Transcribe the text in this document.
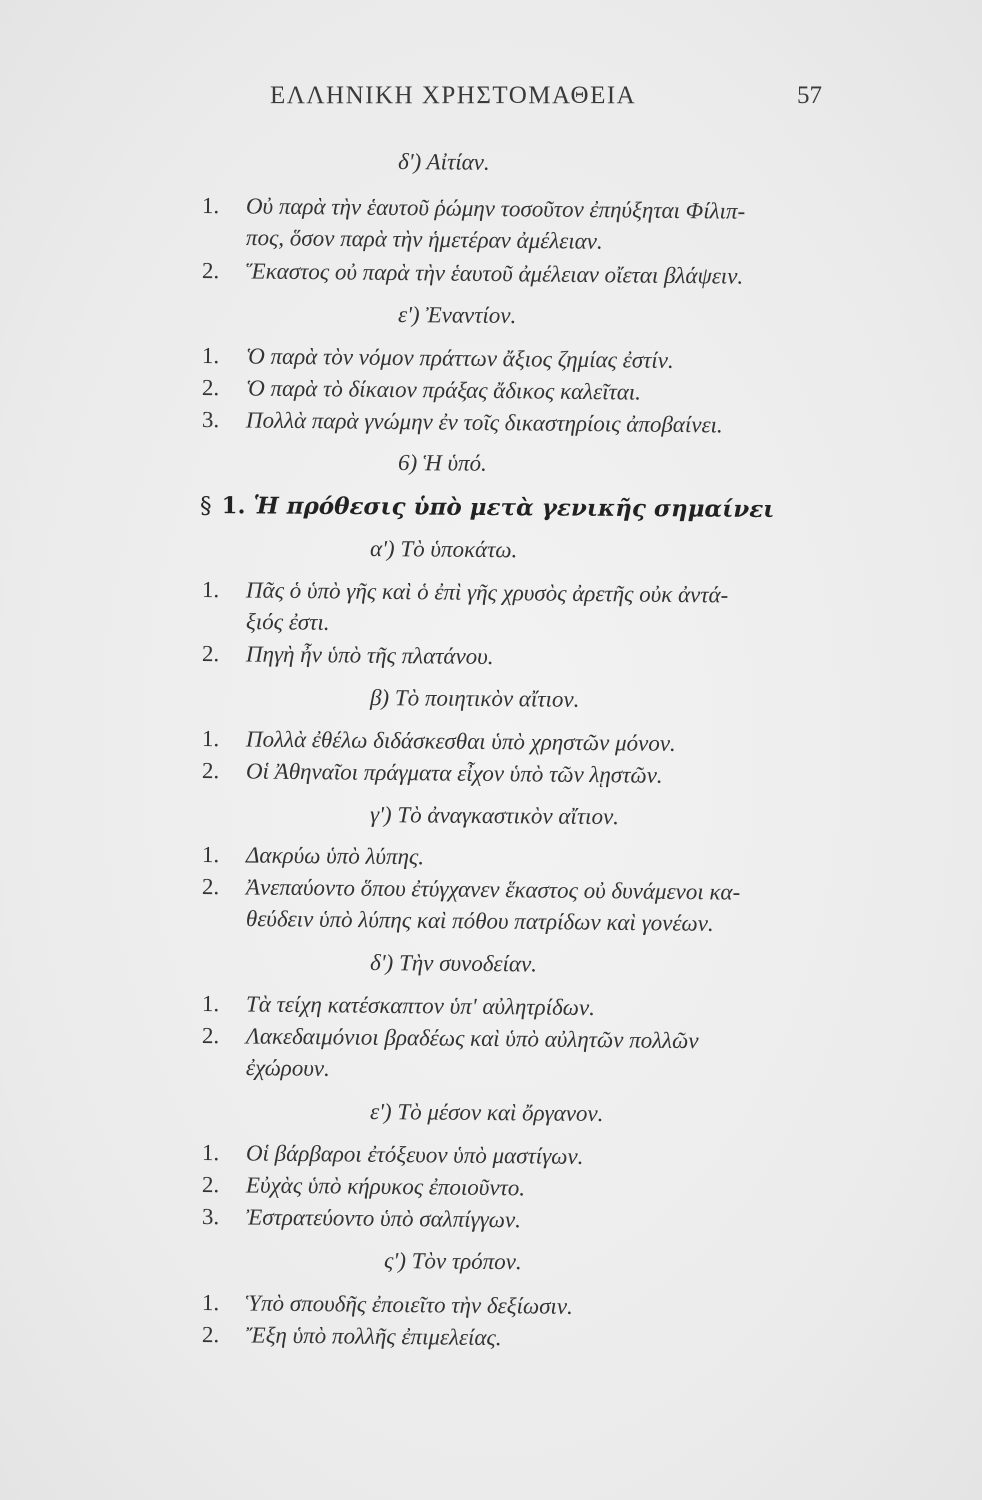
ΕΛΛΗΝΙΚΗ ΧΡΗΣΤΟΜΑΘΕΙΑ	57
δ') Αἰτίαν.
1. Οὐ παρὰ τὴν ἑαυτοῦ ῥώμην τοσοῦτον ἐπηύξηται Φίλιπ-
πος, ὅσον παρὰ τὴν ἡμετέραν ἀμέλειαν.
2. Ἕκαστος οὐ παρὰ τὴν ἑαυτοῦ ἀμέλειαν οἴεται βλάψειν.
ε') Ἐναντίον.
1. Ὁ παρὰ τὸν νόμον πράττων ἄξιος ζημίας ἐστίν.
2. Ὁ παρὰ τὸ δίκαιον πράξας ἄδικος καλεῖται.
3. Πολλὰ παρὰ γνώμην ἐν τοῖς δικαστηρίοις ἀποβαίνει.
6) Ἡ ὑπό.
§ 1. Ἡ πρόθεσις ὑπὸ μετὰ γενικῆς σημαίνει
α') Τὸ ὑποκάτω.
1. Πᾶς ὁ ὑπὸ γῆς καὶ ὁ ἐπὶ γῆς χρυσὸς ἀρετῆς οὐκ ἀντά-
ξιός ἐστι.
2. Πηγὴ ἦν ὑπὸ τῆς πλατάνου.
β) Τὸ ποιητικὸν αἴτιον.
1. Πολλὰ ἐθέλω διδάσκεσθαι ὑπὸ χρηστῶν μόνον.
2. Οἱ Ἀθηναῖοι πράγματα εἶχον ὑπὸ τῶν λῃστῶν.
γ') Τὸ ἀναγκαστικὸν αἴτιον.
1. Δακρύω ὑπὸ λύπης.
2. Ἀνεπαύοντο ὅπου ἐτύγχανεν ἕκαστος οὐ δυνάμενοι κα-
θεύδειν ὑπὸ λύπης καὶ πόθου πατρίδων καὶ γονέων.
δ') Τὴν συνοδείαν.
1. Τὰ τείχη κατέσκαπτον ὑπ' αὐλητρίδων.
2. Λακεδαιμόνιοι βραδέως καὶ ὑπὸ αὐλητῶν πολλῶν
ἐχώρουν.
ε') Τὸ μέσον καὶ ὄργανον.
1. Οἱ βάρβαροι ἐτόξευον ὑπὸ μαστίγων.
2. Εὐχὰς ὑπὸ κήρυκος ἐποιοῦντο.
3. Ἐστρατεύοντο ὑπὸ σαλπίγγων.
ς') Τὸν τρόπον.
1. Ὑπὸ σπουδῆς ἐποιεῖτο τὴν δεξίωσιν.
2. Ἔξη ὑπὸ πολλῆς ἐπιμελείας.
